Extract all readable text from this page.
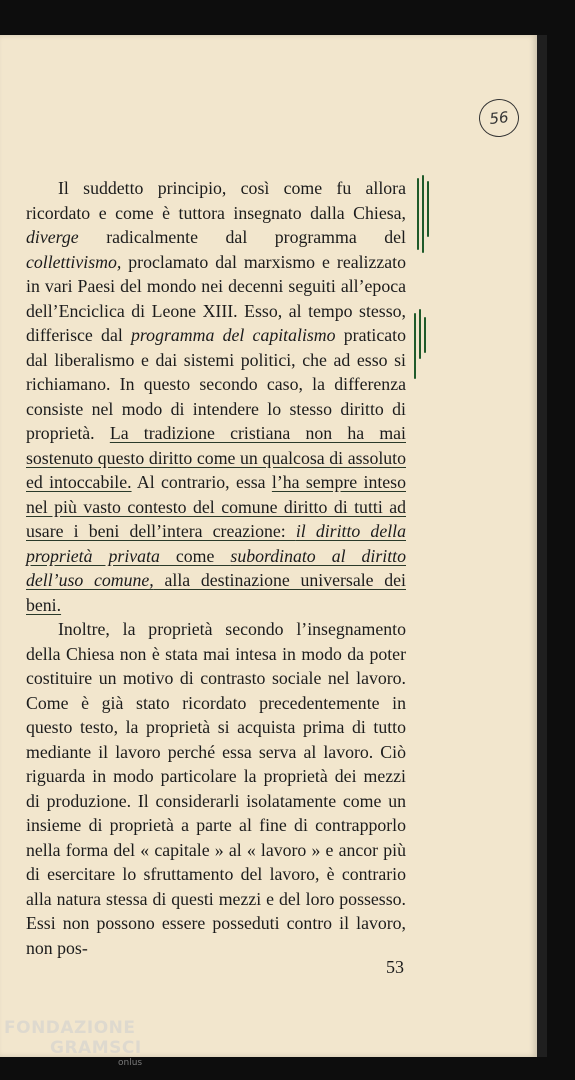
56

Il suddetto principio, così come fu allora ricordato e come è tuttora insegnato dalla Chiesa, diverge radicalmente dal programma del collettivismo, proclamato dal marxismo e realizzato in vari Paesi del mondo nei decenni seguiti all’epoca dell’Enciclica di Leone XIII. Esso, al tempo stesso, differisce dal programma del capitalismo praticato dal liberalismo e dai sistemi politici, che ad esso si richiamano. In questo secondo caso, la differenza consiste nel modo di intendere lo stesso diritto di proprietà. La tradizione cristiana non ha mai sostenuto questo diritto come un qualcosa di assoluto ed intoccabile. Al contrario, essa l’ha sempre inteso nel più vasto contesto del comune diritto di tutti ad usare i beni dell’intera creazione: il diritto della proprietà privata come subordinato al diritto dell’uso comune, alla destinazione universale dei beni.

Inoltre, la proprietà secondo l’insegnamento della Chiesa non è stata mai intesa in modo da poter costituire un motivo di contrasto sociale nel lavoro. Come è già stato ricordato precedentemente in questo testo, la proprietà si acquista prima di tutto mediante il lavoro perché essa serva al lavoro. Ciò riguarda in modo particolare la proprietà dei mezzi di produzione. Il considerarli isolatamente come un insieme di proprietà a parte al fine di contrapporlo nella forma del « capitale » al « lavoro » e ancor più di esercitare lo sfruttamento del lavoro, è contrario alla natura stessa di questi mezzi e del loro possesso. Essi non possono essere posseduti contro il lavoro, non pos-

53
FONDAZIONE
GRAMSCI
onlus
